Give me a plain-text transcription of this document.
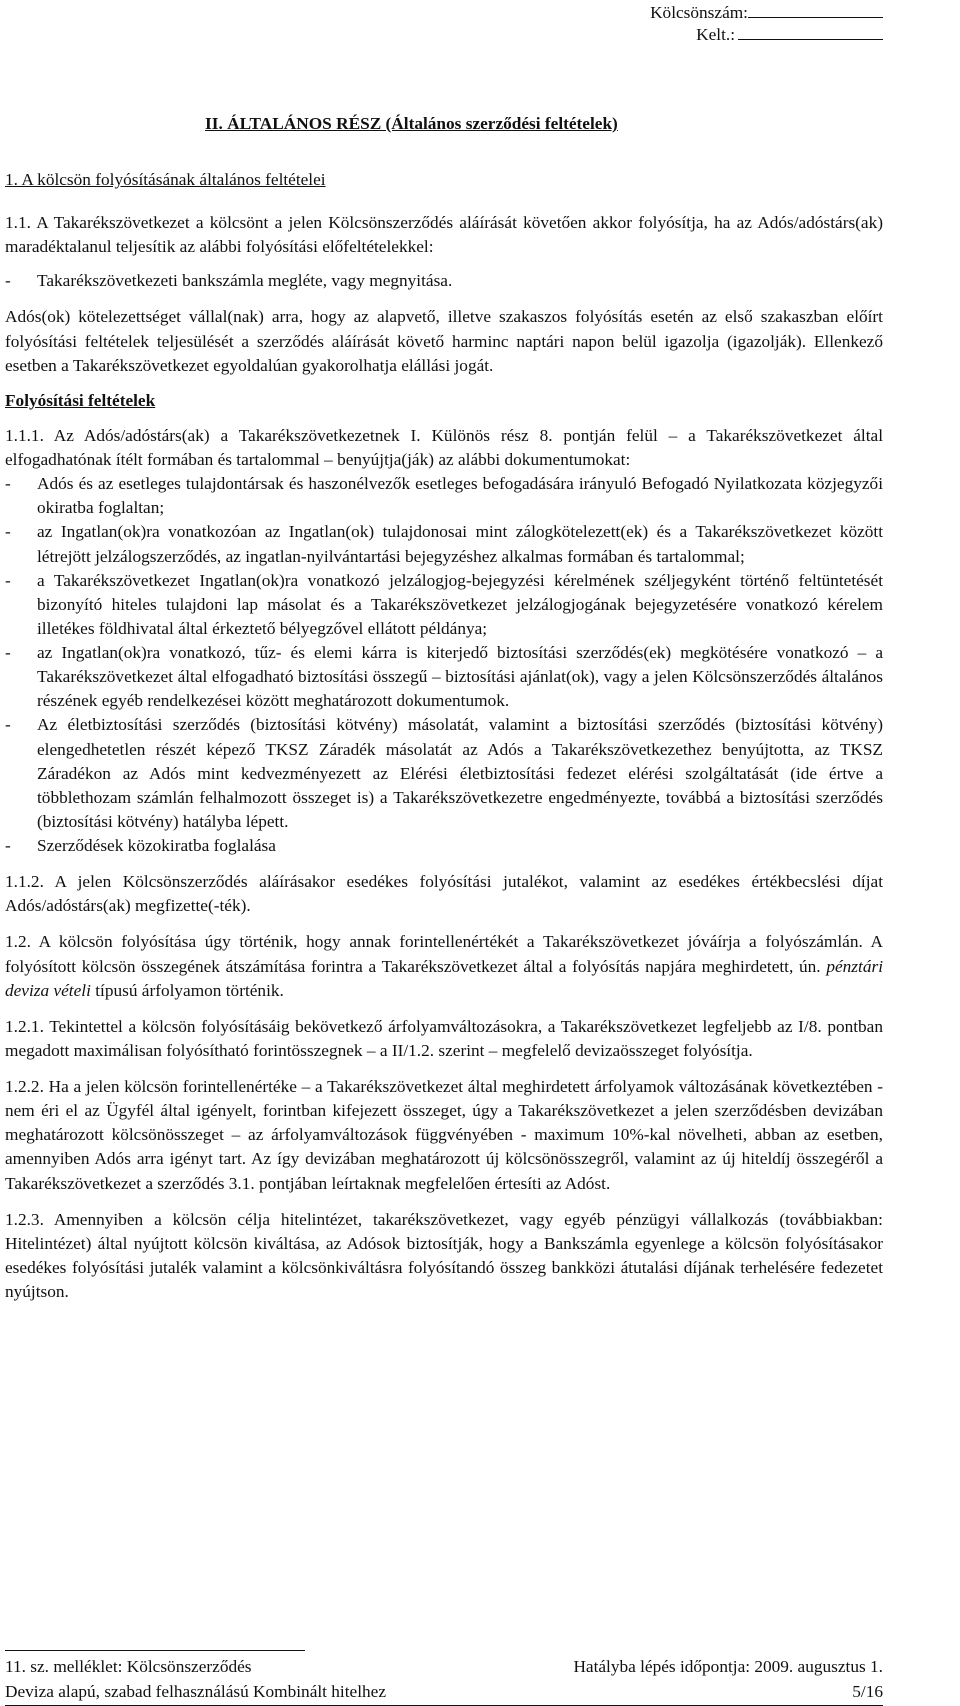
Kölcsönszám:
Kelt.:
II. ÁLTALÁNOS RÉSZ (Általános szerződési feltételek)
1. A kölcsön folyósításának általános feltételei

1.1. A Takarékszövetkezet a kölcsönt a jelen Kölcsönszerződés aláírását követően akkor folyósítja, ha az Adós/adóstárs(ak) maradéktalanul teljesítik az alábbi folyósítási előfeltételekkel:

-	Takarékszövetkezeti bankszámla megléte, vagy megnyitása.

Adós(ok) kötelezettséget vállal(nak) arra, hogy az alapvető, illetve szakaszos folyósítás esetén az első szakaszban előírt folyósítási feltételek teljesülését a szerződés aláírását követő harminc naptári napon belül igazolja (igazolják). Ellenkező esetben a Takarékszövetkezet egyoldalúan gyakorolhatja elállási jogát.

Folyósítási feltételek

1.1.1. Az Adós/adóstárs(ak) a Takarékszövetkezetnek I. Különös rész 8. pontján felül – a Takarékszövetkezet által elfogadhatónak ítélt formában és tartalommal – benyújtja(ják) az alábbi dokumentumokat:

-	Adós és az esetleges tulajdontársak és haszonélvezők esetleges befogadására irányuló Befogadó Nyilatkozata közjegyzői okiratba foglaltan;
-	az Ingatlan(ok)ra vonatkozóan az Ingatlan(ok) tulajdonosai mint zálogkötelezett(ek) és a Takarékszövetkezet között létrejött jelzálogszerződés, az ingatlan-nyilvántartási bejegyzéshez alkalmas formában és tartalommal;
-	a Takarékszövetkezet Ingatlan(ok)ra vonatkozó jelzálogjog-bejegyzési kérelmének széljegyként történő feltüntetését bizonyító hiteles tulajdoni lap másolat és a Takarékszövetkezet jelzálogjogának bejegyzetésére vonatkozó kérelem illetékes földhivatal által érkeztető bélyegzővel ellátott példánya;
-	az Ingatlan(ok)ra vonatkozó, tűz- és elemi kárra is kiterjedő biztosítási szerződés(ek) megkötésére vonatkozó – a Takarékszövetkezet által elfogadható biztosítási összegű – biztosítási ajánlat(ok), vagy a jelen Kölcsönszerződés általános részének egyéb rendelkezései között meghatározott dokumentumok.
-	Az életbiztosítási szerződés (biztosítási kötvény) másolatát, valamint a biztosítási szerződés (biztosítási kötvény) elengedhetetlen részét képező TKSZ Záradék másolatát az Adós a Takarékszövetkezethez benyújtotta, az TKSZ Záradékon az Adós mint kedvezményezett az Elérési életbiztosítási fedezet elérési szolgáltatását (ide értve a többlethozam számlán felhalmozott összeget is) a Takarékszövetkezetre engedményezte, továbbá a biztosítási szerződés (biztosítási kötvény) hatályba lépett.
-	Szerződések közokiratba foglalása

1.1.2. A jelen Kölcsönszerződés aláírásakor esedékes folyósítási jutalékot, valamint az esedékes értékbecslési díjat Adós/adóstárs(ak) megfizette(-ték).

1.2. A kölcsön folyósítása úgy történik, hogy annak forintellenértékét a Takarékszövetkezet jóváírja a folyószámlán. A folyósított kölcsön összegének átszámítása forintra a Takarékszövetkezet által a folyósítás napjára meghirdetett, ún. pénztári deviza vételi típusú árfolyamon történik.

1.2.1. Tekintettel a kölcsön folyósításáig bekövetkező árfolyamváltozásokra, a Takarékszövetkezet legfeljebb az I/8. pontban megadott maximálisan folyósítható forintösszegnek – a II/1.2. szerint – megfelelő devizaösszeget folyósítja.

1.2.2. Ha a jelen kölcsön forintellenértéke – a Takarékszövetkezet által meghirdetett árfolyamok változásának következtében - nem éri el az Ügyfél által igényelt, forintban kifejezett összeget, úgy a Takarékszövetkezet a jelen szerződésben devizában meghatározott kölcsönösszeget – az árfolyamváltozások függvényében - maximum 10%-kal növelheti, abban az esetben, amennyiben Adós arra igényt tart. Az így devizában meghatározott új kölcsönösszegről, valamint az új hiteldíj összegéről a Takarékszövetkezet a szerződés 3.1. pontjában leírtaknak megfelelően értesíti az Adóst.

1.2.3. Amennyiben a kölcsön célja hitelintézet, takarékszövetkezet, vagy egyéb pénzügyi vállalkozás (továbbiakban: Hitelintézet) által nyújtott kölcsön kiváltása, az Adósok biztosítják, hogy a Bankszámla egyenlege a kölcsön folyósításakor esedékes folyósítási jutalék valamint a kölcsönkiváltásra folyósítandó összeg bankközi átutalási díjának terhelésére fedezetet nyújtson.

11. sz. melléklet: Kölcsönszerződés	Hatályba lépés időpontja: 2009. augusztus 1.
Deviza alapú, szabad felhasználású Kombinált hitelhez	5/16
